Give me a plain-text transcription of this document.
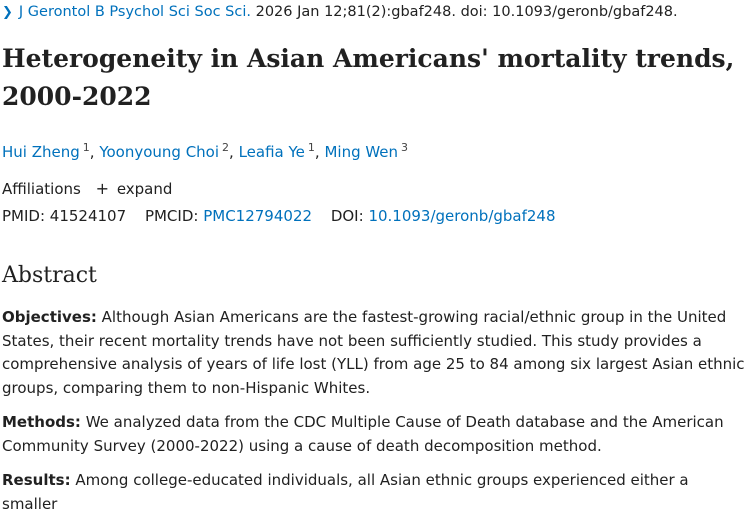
❯ J Gerontol B Psychol Sci Soc Sci. 2026 Jan 12;81(2):gbaf248. doi: 10.1093/geronb/gbaf248.
Heterogeneity in Asian Americans' mortality trends, 2000-2022
Hui Zheng $^1$, Yoonyoung Choi $^2$, Leafia Ye $^1$, Ming Wen $^3$
Affiliations + expand
PMID: 41524107 PMCID: PMC12794022 DOI: 10.1093/geronb/gbaf248
Abstract

Objectives: Although Asian Americans are the fastest-growing racial/ethnic group in the United States, their recent mortality trends have not been sufficiently studied. This study provides a comprehensive analysis of years of life lost (YLL) from age 25 to 84 among six largest Asian ethnic groups, comparing them to non-Hispanic Whites.

Methods: We analyzed data from the CDC Multiple Cause of Death database and the American Community Survey (2000-2022) using a cause of death decomposition method.

Results: Among college-educated individuals, all Asian ethnic groups experienced either a smaller
